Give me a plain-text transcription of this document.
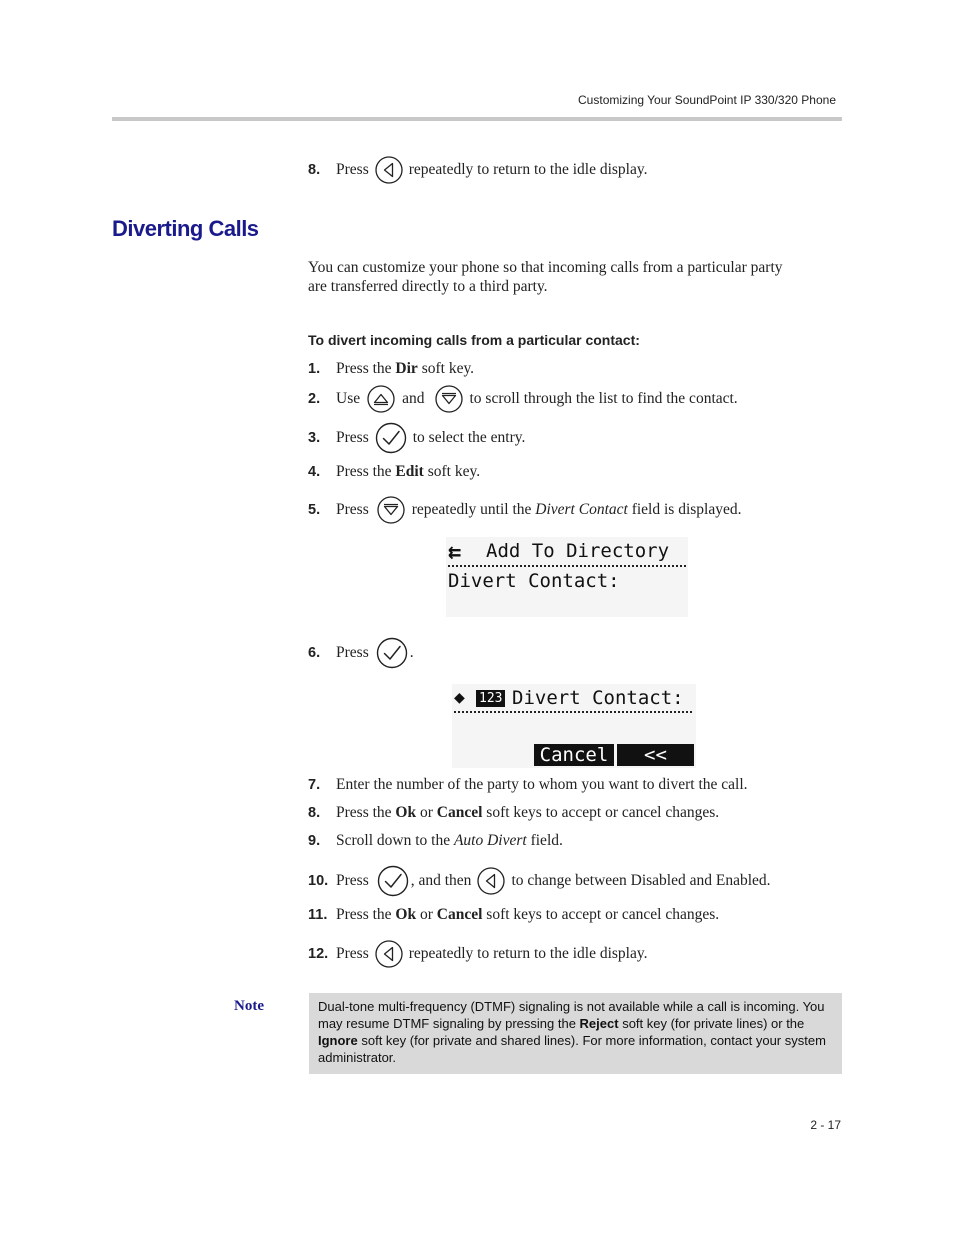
Customizing Your SoundPoint IP 330/320 Phone
8.	Press	repeatedly to return to the idle display.
Diverting Calls
You can customize your phone so that incoming calls from a particular party
are transferred directly to a third party.
To divert incoming calls from a particular contact:
1.	Press the
Dir
soft key.
2.	Use	and	to scroll through the list to find the contact.
3.	Press	to select the entry.
4.	Press the
Edit
soft key.
5.	Press	repeatedly until the
Divert Contact
field is displayed.
⇇ Add To Directory
Divert Contact:
6.	Press	.
◆ 123 Divert Contact:
Cancel	<<
7.	Enter the number of the party to whom you want to divert the call.
8.	Press the
Ok
or
Cancel
soft keys to accept or cancel changes.
9.	Scroll down to the
Auto Divert
field.
10. Press	, and then	to change between Disabled and Enabled.
11. Press the
Ok
or
Cancel
soft keys to accept or cancel changes.
12. Press	repeatedly to return to the idle display.
Note	Dual-tone multi-frequency (DTMF) signaling is not available while a call is incoming. You may resume DTMF signaling by pressing the Reject soft key (for private lines) or the Ignore soft key (for private and shared lines). For more information, contact your system administrator.
2 - 17
